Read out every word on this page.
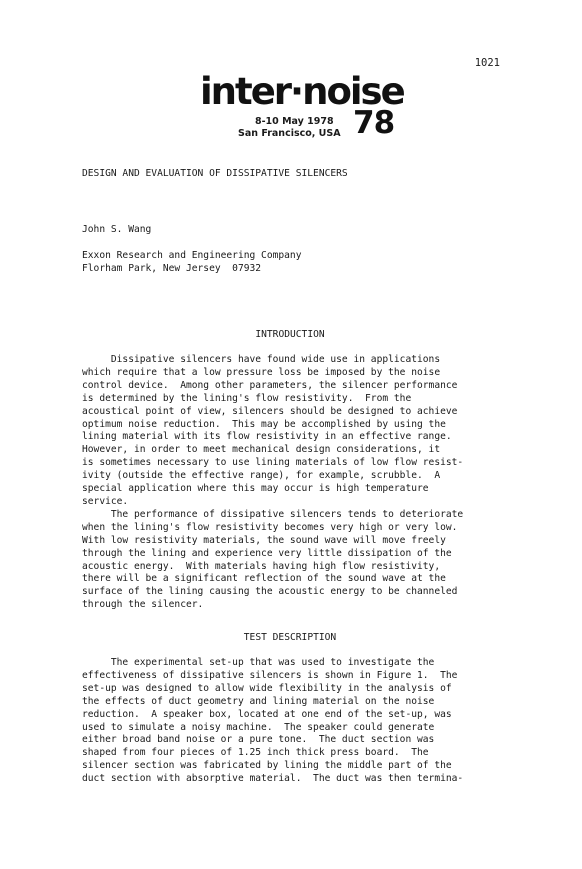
1021
inter·noise
8-10 May 1978
San Francisco, USA 78
DESIGN AND EVALUATION OF DISSIPATIVE SILENCERS
John S. Wang
Exxon Research and Engineering Company
Florham Park, New Jersey  07932
INTRODUCTION
Dissipative silencers have found wide use in applications
which require that a low pressure loss be imposed by the noise
control device.  Among other parameters, the silencer performance
is determined by the lining's flow resistivity.  From the
acoustical point of view, silencers should be designed to achieve
optimum noise reduction.  This may be accomplished by using the
lining material with its flow resistivity in an effective range.
However, in order to meet mechanical design considerations, it
is sometimes necessary to use lining materials of low flow resist-
ivity (outside the effective range), for example, scrubble.  A
special application where this may occur is high temperature
service.
The performance of dissipative silencers tends to deteriorate
when the lining's flow resistivity becomes very high or very low.
With low resistivity materials, the sound wave will move freely
through the lining and experience very little dissipation of the
acoustic energy.  With materials having high flow resistivity,
there will be a significant reflection of the sound wave at the
surface of the lining causing the acoustic energy to be channeled
through the silencer.
TEST DESCRIPTION
The experimental set-up that was used to investigate the
effectiveness of dissipative silencers is shown in Figure 1.  The
set-up was designed to allow wide flexibility in the analysis of
the effects of duct geometry and lining material on the noise
reduction.  A speaker box, located at one end of the set-up, was
used to simulate a noisy machine.  The speaker could generate
either broad band noise or a pure tone.  The duct section was
shaped from four pieces of 1.25 inch thick press board.  The
silencer section was fabricated by lining the middle part of the
duct section with absorptive material.  The duct was then termina-
